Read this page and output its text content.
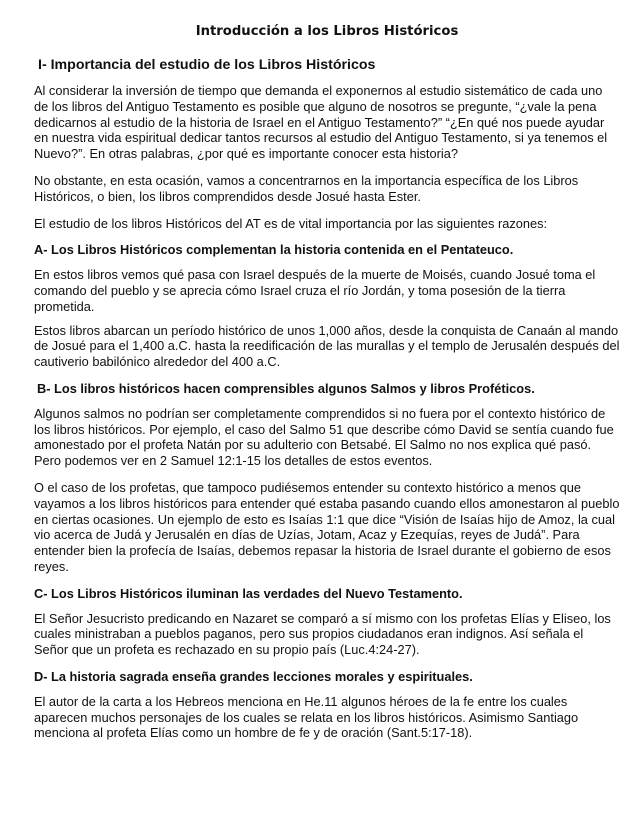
Introducción a los Libros Históricos
I- Importancia del estudio de los Libros Históricos

Al considerar la inversión de tiempo que demanda el exponernos al estudio sistemático de cada uno de los libros del Antiguo Testamento es posible que alguno de nosotros se pregunte, “¿vale la pena dedicarnos al estudio de la historia de Israel en el Antiguo Testamento?” “¿En qué nos puede ayudar en nuestra vida espiritual dedicar tantos recursos al estudio del Antiguo Testamento, si ya tenemos el Nuevo?”. En otras palabras, ¿por qué es importante conocer esta historia?

No obstante, en esta ocasión, vamos a concentrarnos en la importancia específica de los Libros Históricos, o bien, los libros comprendidos desde Josué hasta Ester.

El estudio de los libros Históricos del AT es de vital importancia por las siguientes razones:

A- Los Libros Históricos complementan la historia contenida en el Pentateuco.

En estos libros vemos qué pasa con Israel después de la muerte de Moisés, cuando Josué toma el comando del pueblo y se aprecia cómo Israel cruza el río Jordán, y toma posesión de la tierra prometida.

Estos libros abarcan un período histórico de unos 1,000 años, desde la conquista de Canaán al mando de Josué para el 1,400 a.C. hasta la reedificación de las murallas y el templo de Jerusalén después del cautiverio babilónico alrededor del 400 a.C.

B- Los libros históricos hacen comprensibles algunos Salmos y libros Proféticos.

Algunos salmos no podrían ser completamente comprendidos si no fuera por el contexto histórico de los libros históricos. Por ejemplo, el caso del Salmo 51 que describe cómo David se sentía cuando fue amonestado por el profeta Natán por su adulterio con Betsabé. El Salmo no nos explica qué pasó. Pero podemos ver en 2 Samuel 12:1-15 los detalles de estos eventos.

O el caso de los profetas, que tampoco pudiésemos entender su contexto histórico a menos que vayamos a los libros históricos para entender qué estaba pasando cuando ellos amonestaron al pueblo en ciertas ocasiones. Un ejemplo de esto es Isaías 1:1 que dice “Visión de Isaías hijo de Amoz, la cual vio acerca de Judá y Jerusalén en días de Uzías, Jotam, Acaz y Ezequías, reyes de Judá”. Para entender bien la profecía de Isaías, debemos repasar la historia de Israel durante el gobierno de esos reyes.

C- Los Libros Históricos iluminan las verdades del Nuevo Testamento.

El Señor Jesucristo predicando en Nazaret se comparó a sí mismo con los profetas Elías y Eliseo, los cuales ministraban a pueblos paganos, pero sus propios ciudadanos eran indignos. Así señala el Señor que un profeta es rechazado en su propio país (Luc.4:24-27).

D- La historia sagrada enseña grandes lecciones morales y espirituales.

El autor de la carta a los Hebreos menciona en He.11 algunos héroes de la fe entre los cuales aparecen muchos personajes de los cuales se relata en los libros históricos. Asimismo Santiago menciona al profeta Elías como un hombre de fe y de oración (Sant.5:17-18).
